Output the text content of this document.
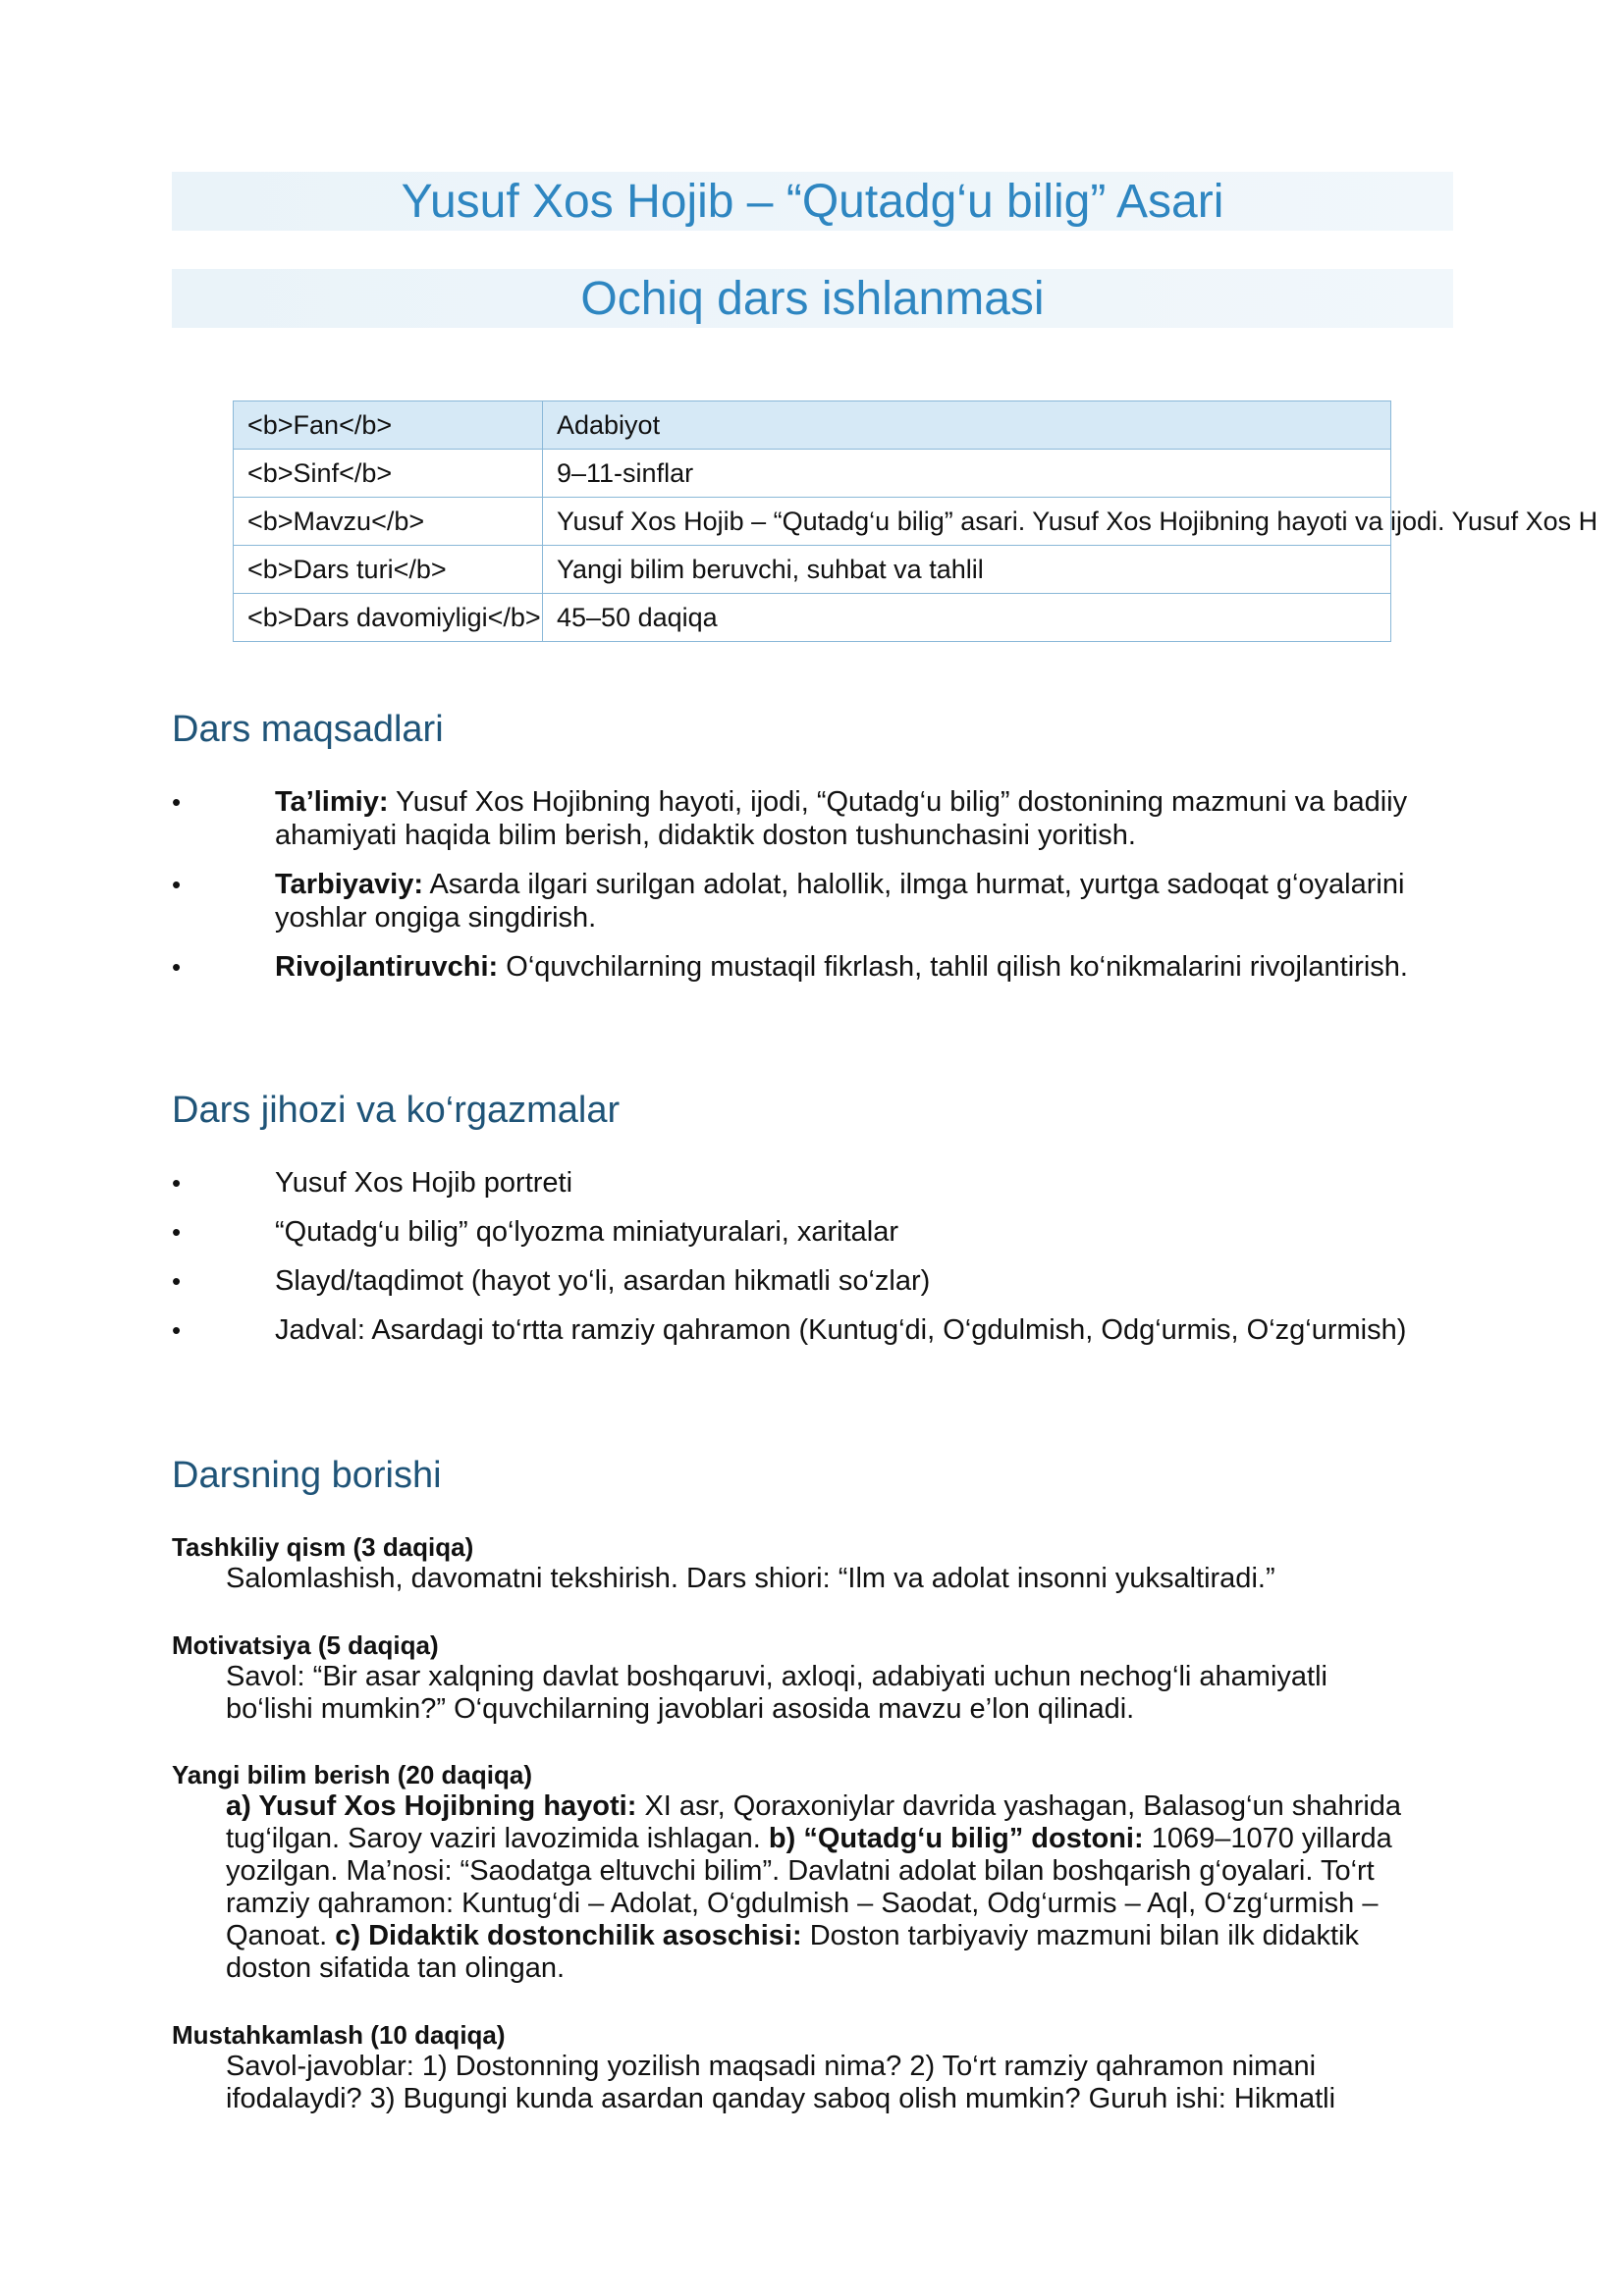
Yusuf Xos Hojib – “Qutadg‘u bilig” Asari
Ochiq dars ishlanmasi
<b>Fan</b>	Adabiyot
<b>Sinf</b>	9–11-sinflar
<b>Mavzu</b>	Yusuf Xos Hojib – “Qutadg‘u bilig” asari. Yusuf Xos Hojibning hayoti va ijodi. Yusuf Xos H
<b>Dars turi</b>	Yangi bilim beruvchi, suhbat va tahlil
<b>Dars davomiyligi</b>	45–50 daqiqa
Dars maqsadlari
•	Ta’limiy: Yusuf Xos Hojibning hayoti, ijodi, “Qutadg‘u bilig” dostonining mazmuni va badiiy ahamiyati haqida bilim berish, didaktik doston tushunchasini yoritish.
•	Tarbiyaviy: Asarda ilgari surilgan adolat, halollik, ilmga hurmat, yurtga sadoqat g‘oyalarini yoshlar ongiga singdirish.
•	Rivojlantiruvchi: O‘quvchilarning mustaqil fikrlash, tahlil qilish ko‘nikmalarini rivojlantirish.
Dars jihozi va ko‘rgazmalar
•	Yusuf Xos Hojib portreti
•	“Qutadg‘u bilig” qo‘lyozma miniatyuralari, xaritalar
•	Slayd/taqdimot (hayot yo‘li, asardan hikmatli so‘zlar)
•	Jadval: Asardagi to‘rtta ramziy qahramon (Kuntug‘di, O‘gdulmish, Odg‘urmis, O‘zg‘urmish)
Darsning borishi
Tashkiliy qism (3 daqiqa)
Salomlashish, davomatni tekshirish. Dars shiori: “Ilm va adolat insonni yuksaltiradi.”
Motivatsiya (5 daqiqa)
Savol: “Bir asar xalqning davlat boshqaruvi, axloqi, adabiyati uchun nechog‘li ahamiyatli bo‘lishi mumkin?” O‘quvchilarning javoblari asosida mavzu e’lon qilinadi.
Yangi bilim berish (20 daqiqa)
a) Yusuf Xos Hojibning hayoti: XI asr, Qoraxoniylar davrida yashagan, Balasog‘un shahrida tug‘ilgan. Saroy vaziri lavozimida ishlagan. b) “Qutadg‘u bilig” dostoni: 1069–1070 yillarda yozilgan. Ma’nosi: “Saodatga eltuvchi bilim”. Davlatni adolat bilan boshqarish g‘oyalari. To‘rt ramziy qahramon: Kuntug‘di – Adolat, O‘gdulmish – Saodat, Odg‘urmis – Aql, O‘zg‘urmish – Qanoat. c) Didaktik dostonchilik asoschisi: Doston tarbiyaviy mazmuni bilan ilk didaktik doston sifatida tan olingan.
Mustahkamlash (10 daqiqa)
Savol-javoblar: 1) Dostonning yozilish maqsadi nima? 2) To‘rt ramziy qahramon nimani ifodalaydi? 3) Bugungi kunda asardan qanday saboq olish mumkin? Guruh ishi: Hikmatli
